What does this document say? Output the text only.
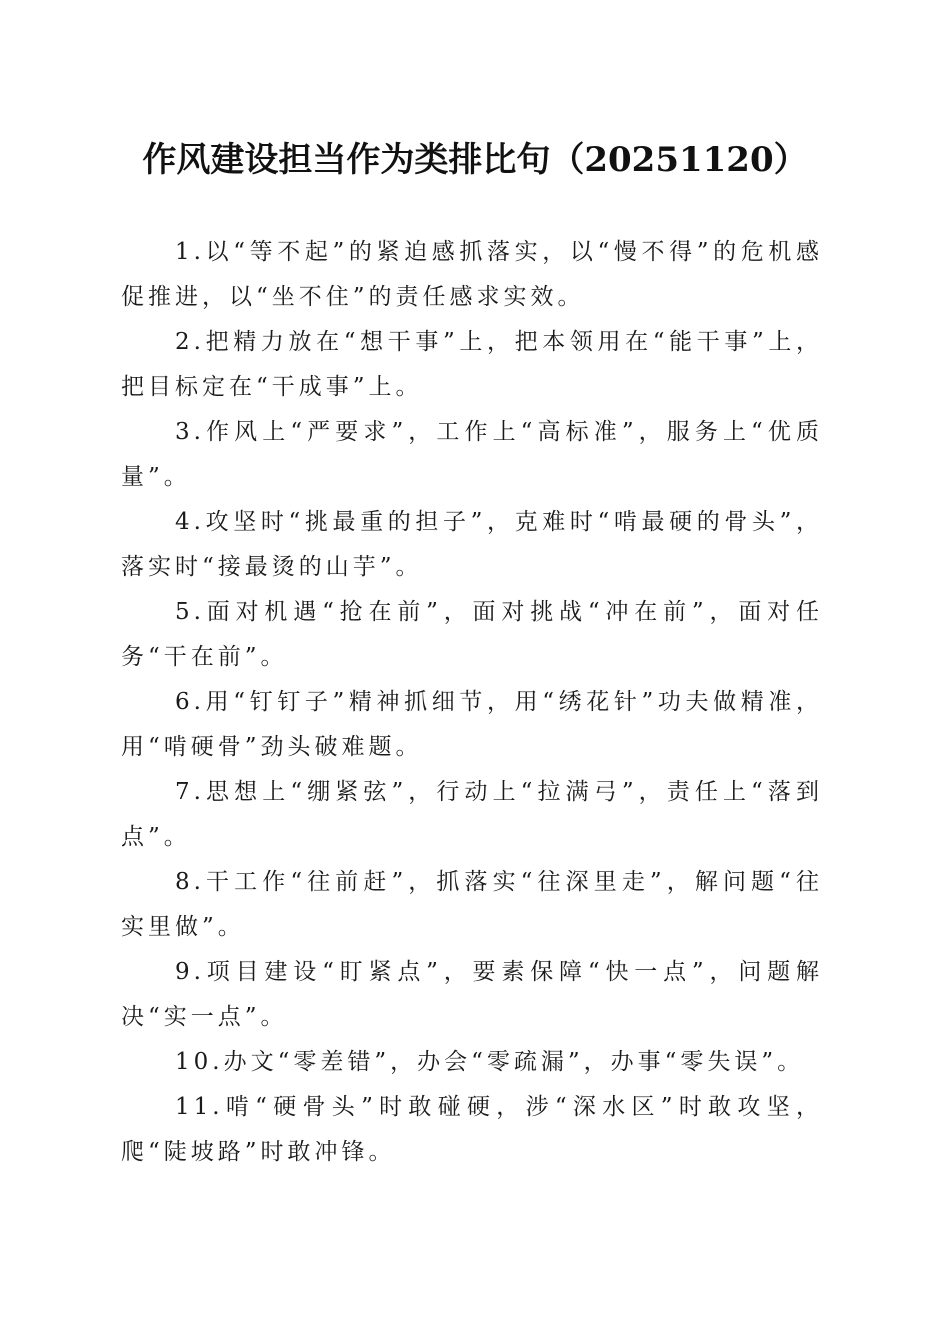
作风建设担当作为类排比句（20251120）

1.以“等不起”的紧迫感抓落实，以“慢不得”的危机感促推进，以“坐不住”的责任感求实效。

2.把精力放在“想干事”上，把本领用在“能干事”上，把目标定在“干成事”上。

3.作风上“严要求”，工作上“高标准”，服务上“优质量”。

4.攻坚时“挑最重的担子”，克难时“啃最硬的骨头”，落实时“接最烫的山芋”。

5.面对机遇“抢在前”，面对挑战“冲在前”，面对任务“干在前”。

6.用“钉钉子”精神抓细节，用“绣花针”功夫做精准，用“啃硬骨”劲头破难题。

7.思想上“绷紧弦”，行动上“拉满弓”，责任上“落到点”。

8.干工作“往前赶”，抓落实“往深里走”，解问题“往实里做”。

9.项目建设“盯紧点”，要素保障“快一点”，问题解决“实一点”。

10.办文“零差错”，办会“零疏漏”，办事“零失误”。

11.啃“硬骨头”时敢碰硬，涉“深水区”时敢攻坚，爬“陡坡路”时敢冲锋。
